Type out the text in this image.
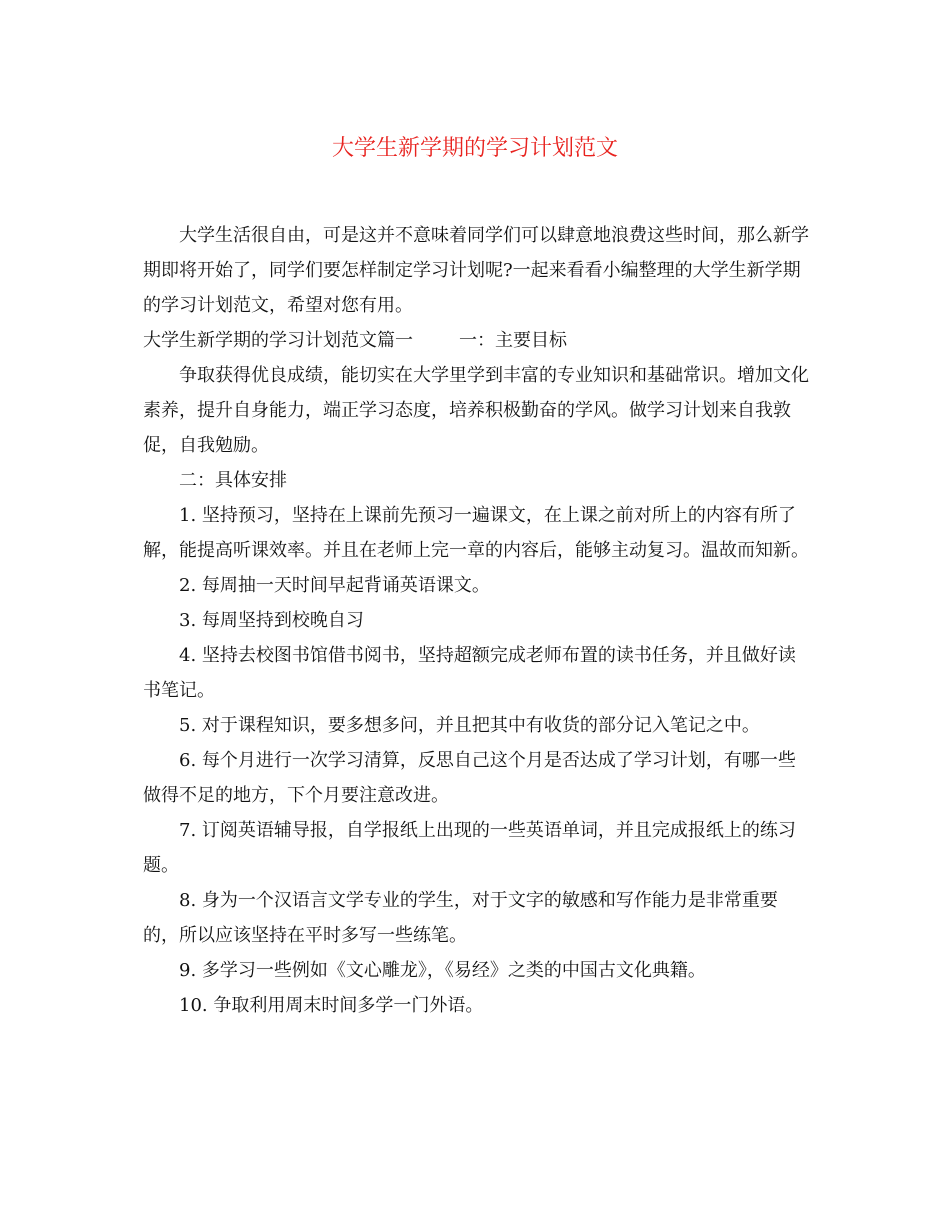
大学生新学期的学习计划范文

大学生活很自由，可是这并不意味着同学们可以肆意地浪费这些时间，那么新学期即将开始了，同学们要怎样制定学习计划呢?一起来看看小编整理的大学生新学期的学习计划范文，希望对您有用。

大学生新学期的学习计划范文篇一	一：主要目标

争取获得优良成绩，能切实在大学里学到丰富的专业知识和基础常识。增加文化素养，提升自身能力，端正学习态度，培养积极勤奋的学风。做学习计划来自我敦促，自我勉励。

二：具体安排

1. 坚持预习，坚持在上课前先预习一遍课文，在上课之前对所上的内容有所了解，能提高听课效率。并且在老师上完一章的内容后，能够主动复习。温故而知新。

2. 每周抽一天时间早起背诵英语课文。

3. 每周坚持到校晚自习

4. 坚持去校图书馆借书阅书，坚持超额完成老师布置的读书任务，并且做好读书笔记。

5. 对于课程知识，要多想多问，并且把其中有收货的部分记入笔记之中。

6. 每个月进行一次学习清算，反思自己这个月是否达成了学习计划，有哪一些做得不足的地方，下个月要注意改进。

7. 订阅英语辅导报，自学报纸上出现的一些英语单词，并且完成报纸上的练习题。

8. 身为一个汉语言文学专业的学生，对于文字的敏感和写作能力是非常重要的，所以应该坚持在平时多写一些练笔。

9. 多学习一些例如《文心雕龙》，《易经》之类的中国古文化典籍。

10. 争取利用周末时间多学一门外语。
